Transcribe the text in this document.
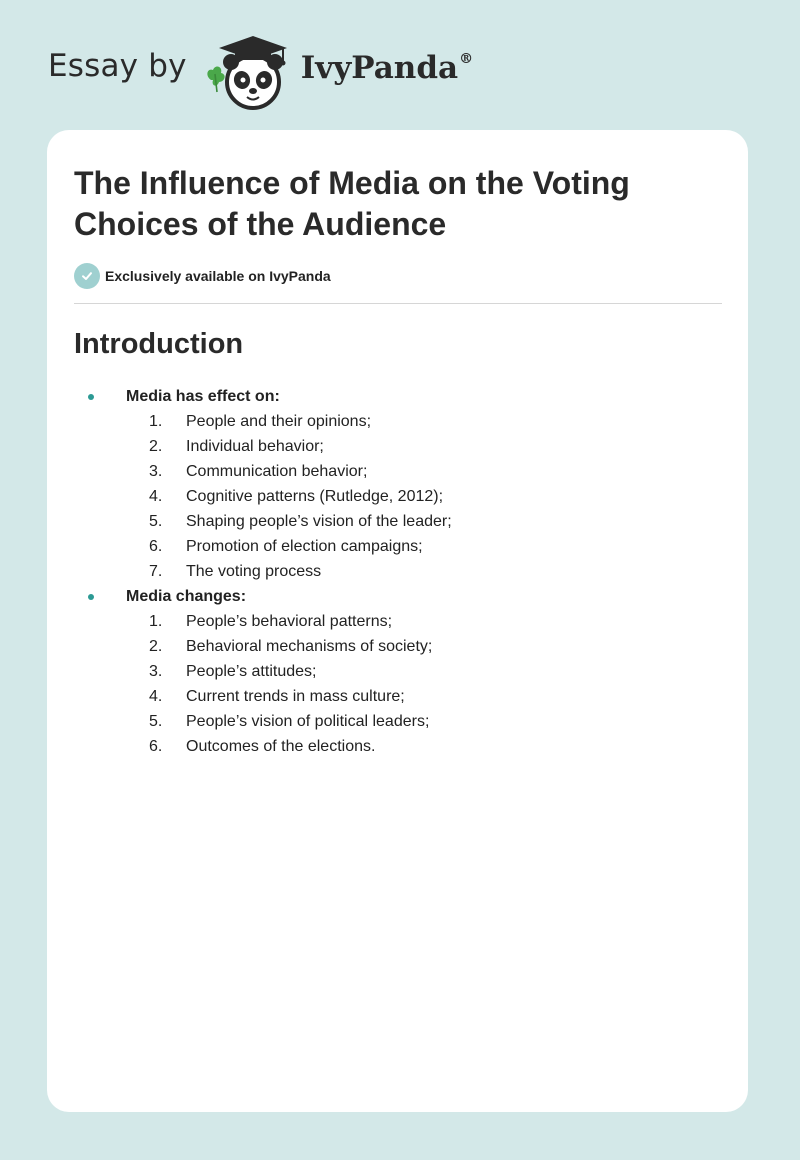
Essay by	IvyPanda®
The Influence of Media on the Voting Choices of the Audience
Exclusively available on IvyPanda
Introduction
Media has effect on:
1. People and their opinions;
2. Individual behavior;
3. Communication behavior;
4. Cognitive patterns (Rutledge, 2012);
5. Shaping people’s vision of the leader;
6. Promotion of election campaigns;
7. The voting process
Media changes:
1. People’s behavioral patterns;
2. Behavioral mechanisms of society;
3. People’s attitudes;
4. Current trends in mass culture;
5. People’s vision of political leaders;
6. Outcomes of the elections.
